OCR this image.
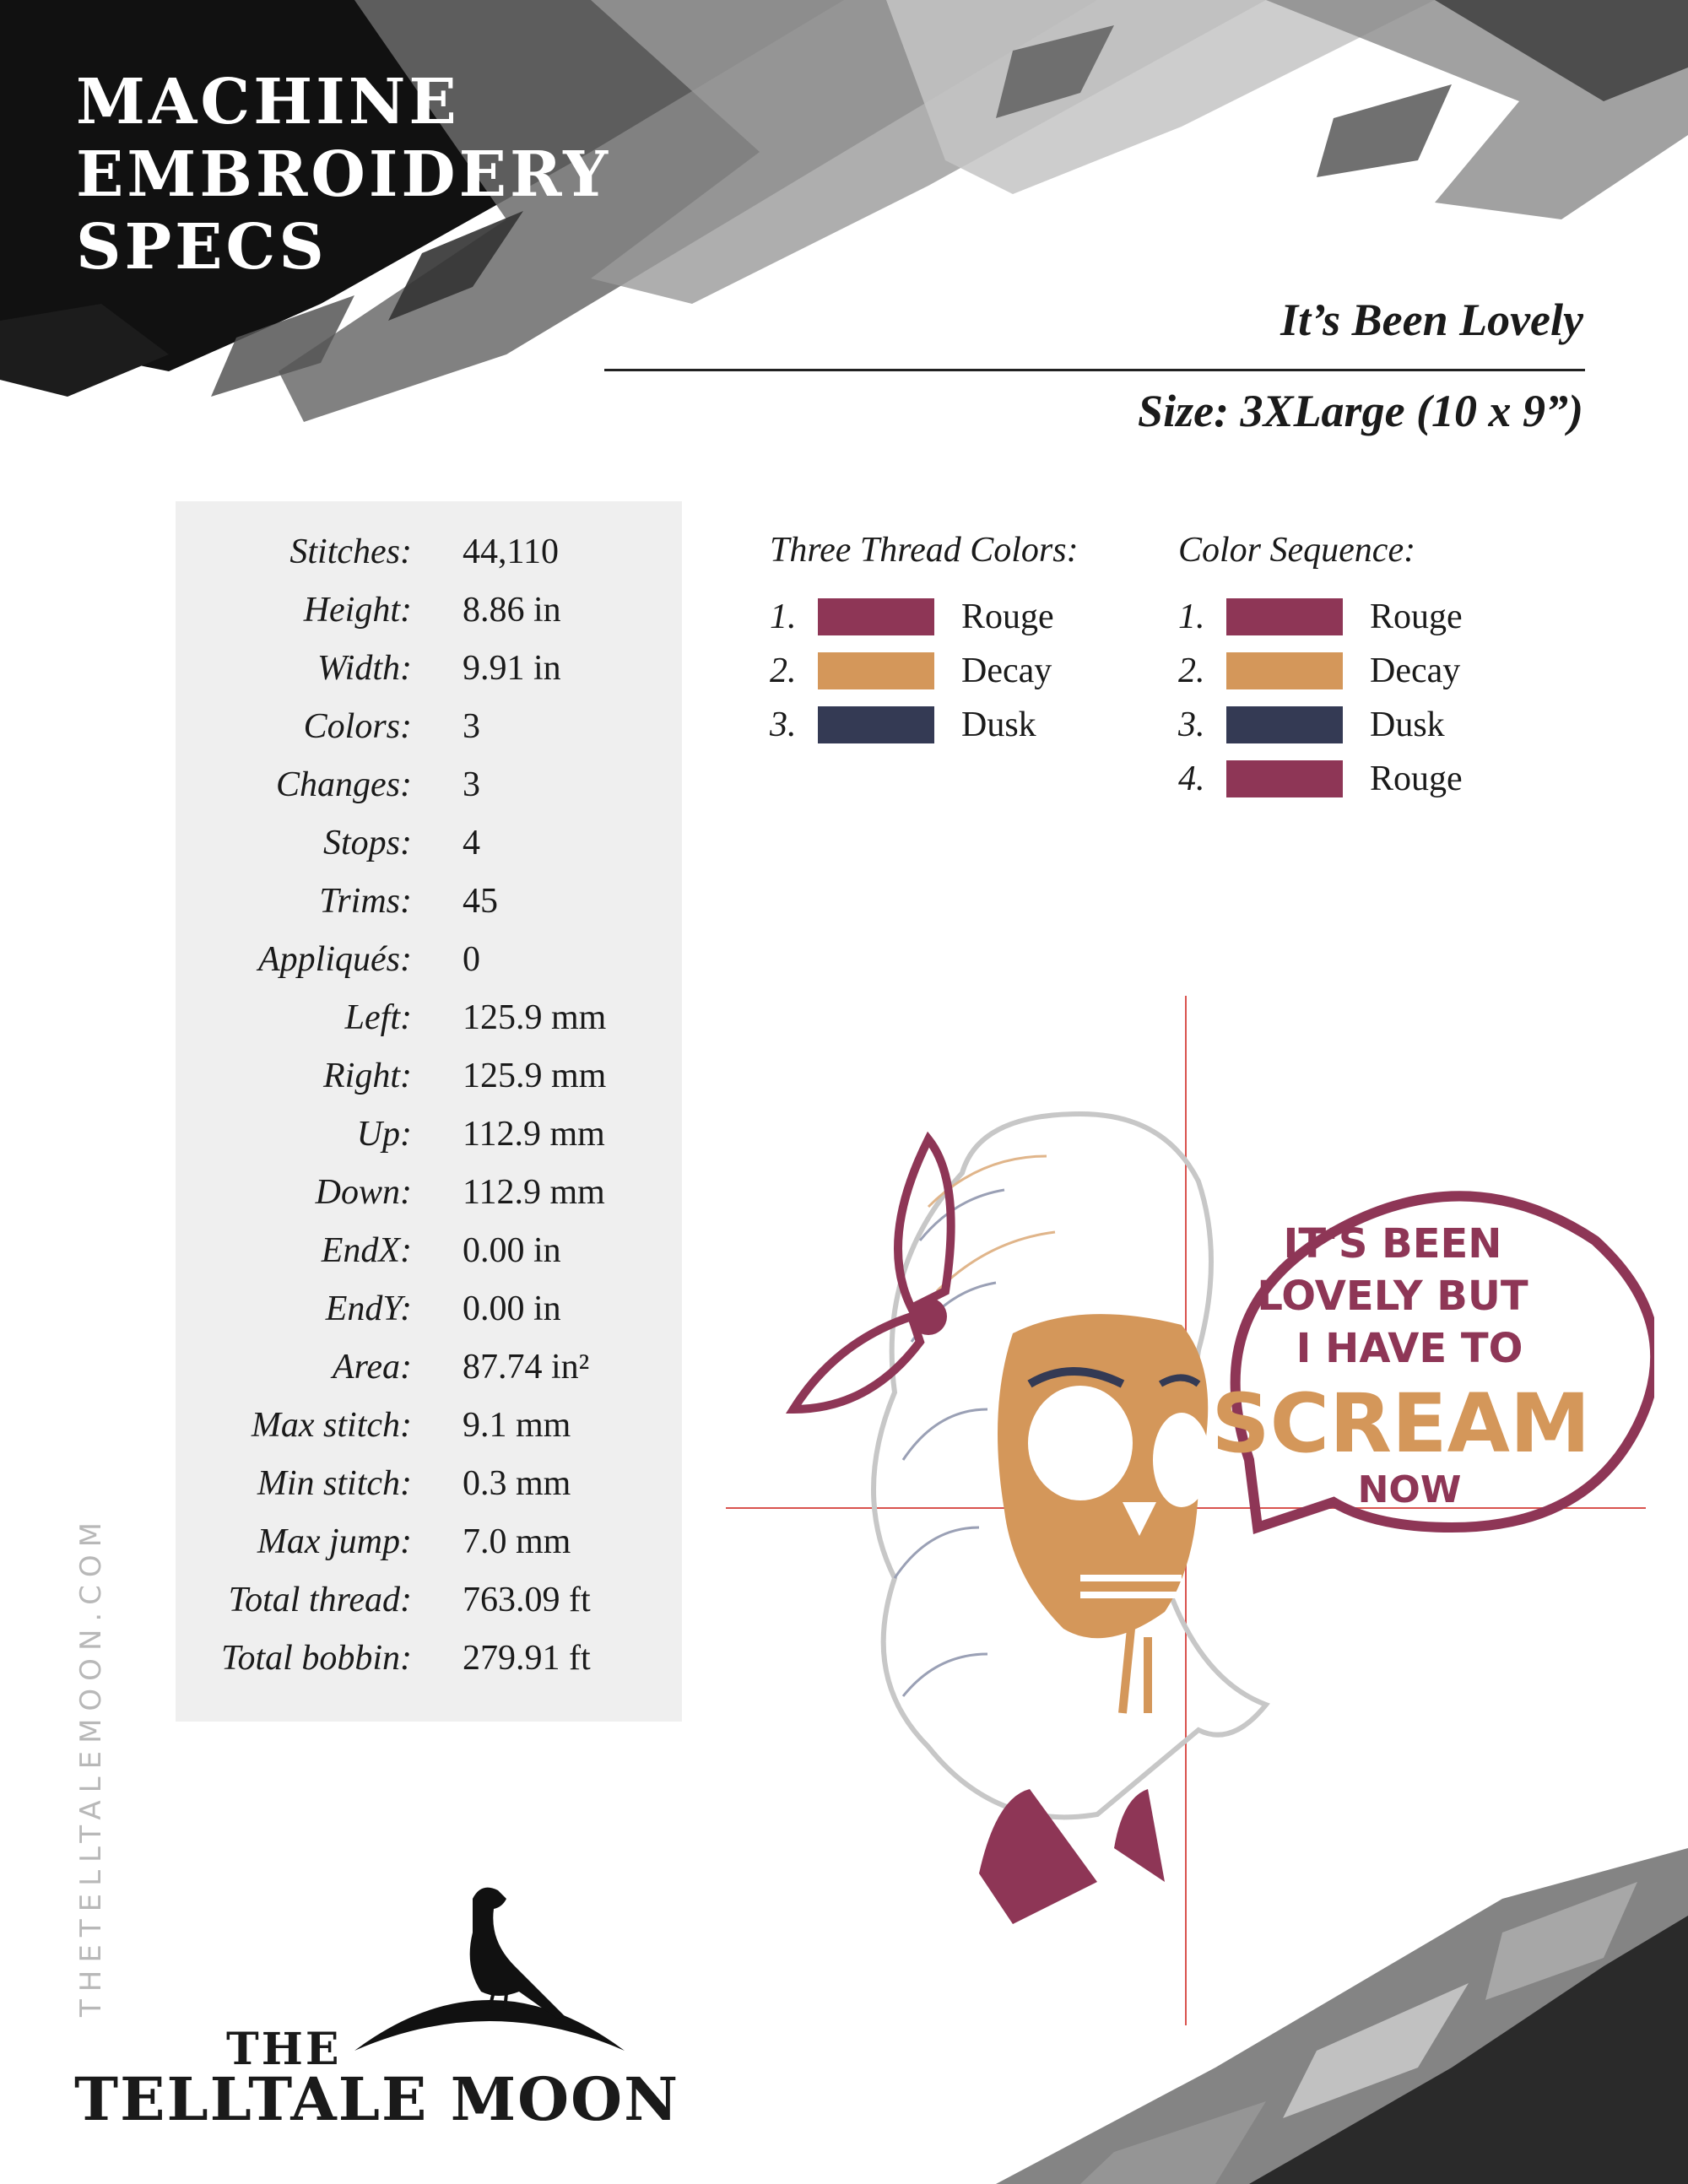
MACHINE
EMBROIDERY
SPECS
It’s Been Lovely
Size: 3XLarge (10 x 9”)
Stitches: 44,110
Height: 8.86 in
Width: 9.91 in
Colors: 3
Changes: 3
Stops: 4
Trims: 45
Appliqués: 0
Left: 125.9 mm
Right: 125.9 mm
Up: 112.9 mm
Down: 112.9 mm
EndX: 0.00 in
EndY: 0.00 in
Area: 87.74 in²
Max stitch: 9.1 mm
Min stitch: 0.3 mm
Max jump: 7.0 mm
Total thread: 763.09 ft
Total bobbin: 279.91 ft
Three Thread Colors:
1.	Rouge
2.	Decay
3.	Dusk
Color Sequence:
1.	Rouge
2.	Decay
3.	Dusk
4.	Rouge
IT'S BEEN
LOVELY BUT
I HAVE TO
SCREAM
NOW
THETELLTALEMOON.COM
THE
TELLTALE MOON
